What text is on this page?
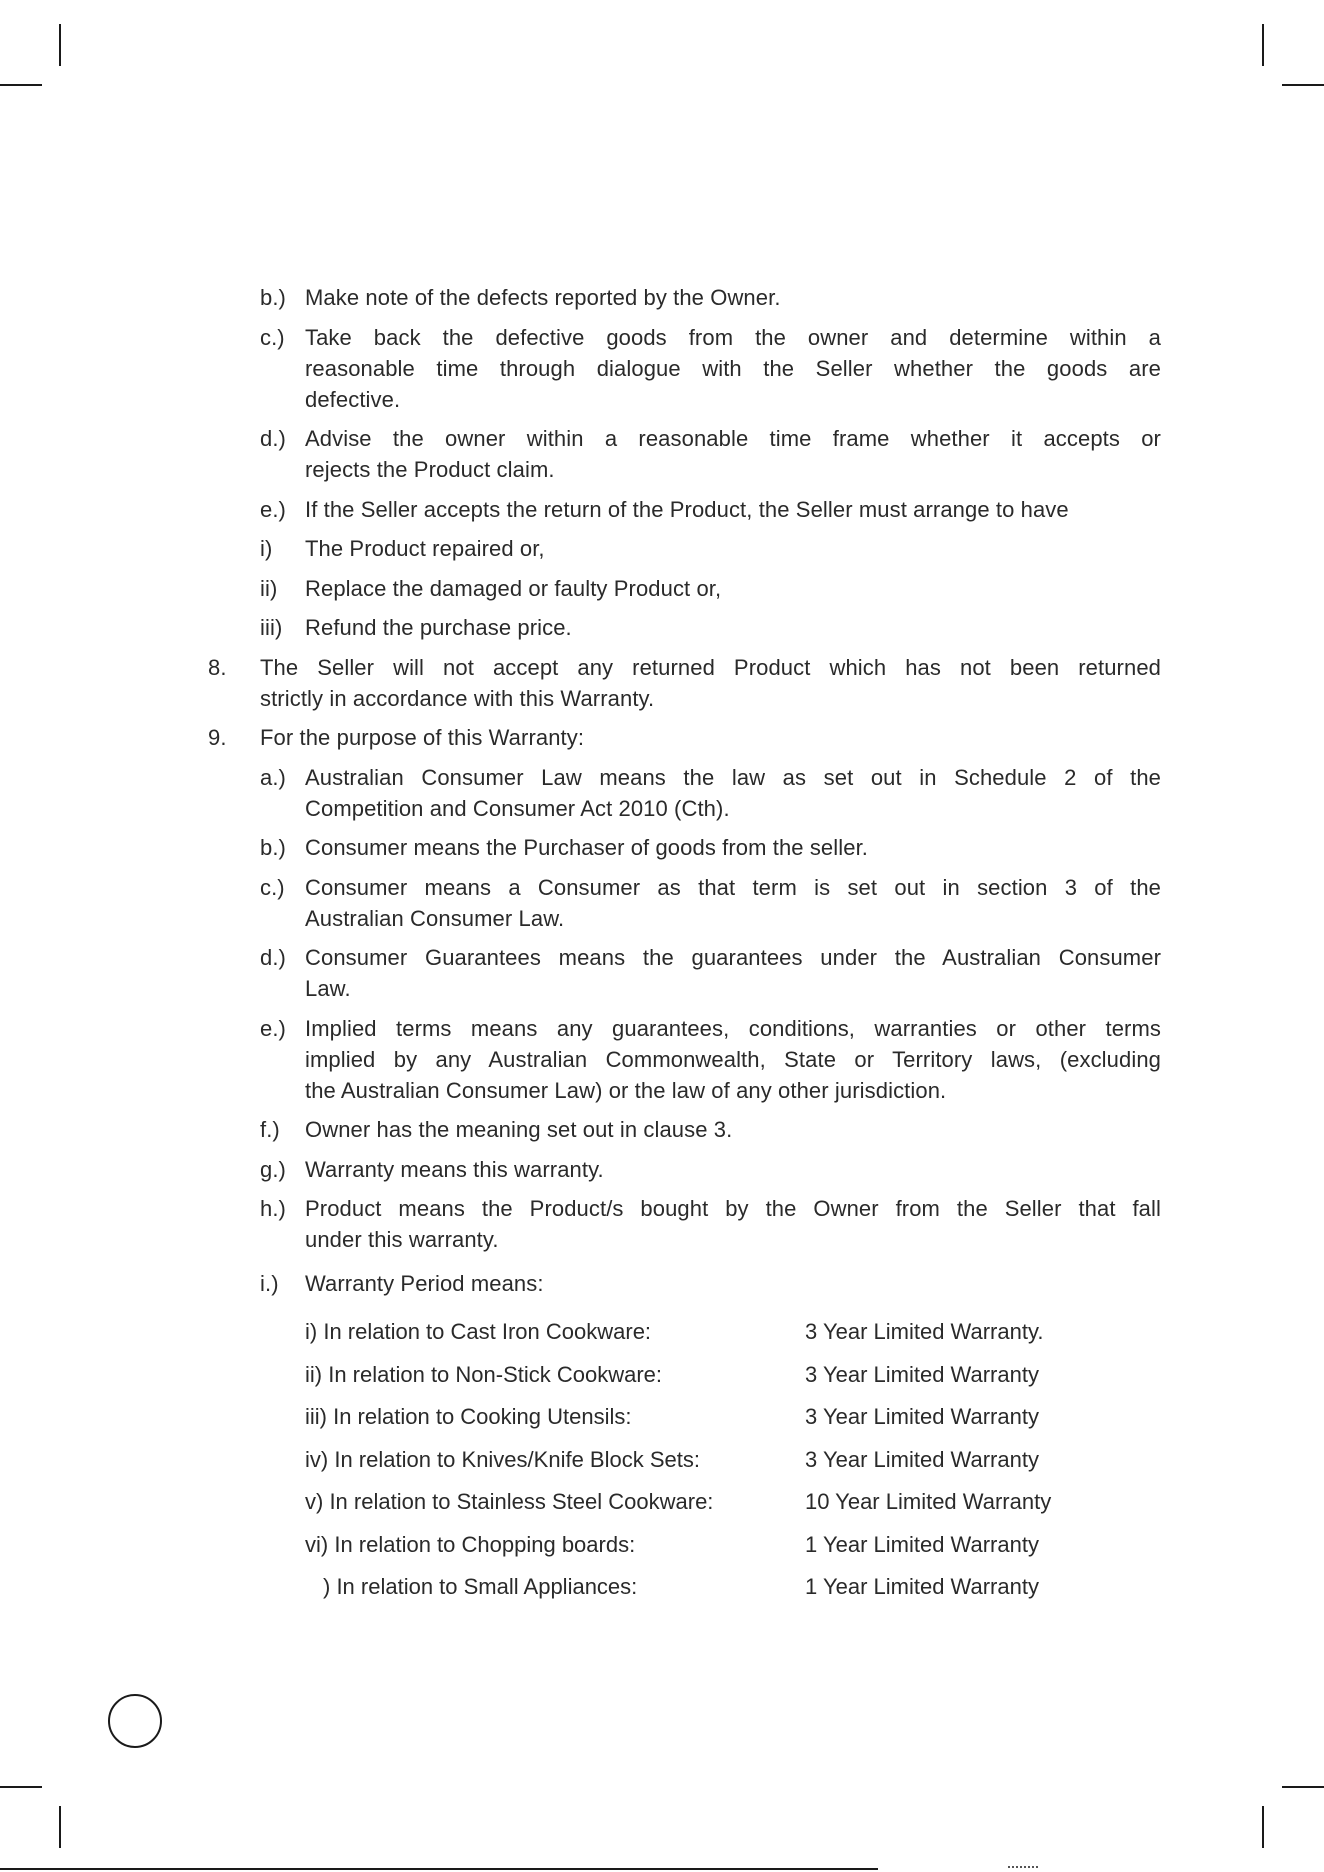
b.) Make note of the defects reported by the Owner.
c.) Take back the defective goods from the owner and determine within a
reasonable time through dialogue with the Seller whether the goods are
defective.
d.) Advise the owner within a reasonable time frame whether it accepts or
rejects the Product claim.
e.) If the Seller accepts the return of the Product, the Seller must arrange to have
i) The Product repaired or,
ii) Replace the damaged or faulty Product or,
iii) Refund the purchase price.
8. The Seller will not accept any returned Product which has not been returned
strictly in accordance with this Warranty.
9. For the purpose of this Warranty:
a.) Australian Consumer Law means the law as set out in Schedule 2 of the
Competition and Consumer Act 2010 (Cth).
b.) Consumer means the Purchaser of goods from the seller.
c.) Consumer means a Consumer as that term is set out in section 3 of the
Australian Consumer Law.
d.) Consumer Guarantees means the guarantees under the Australian Consumer
Law.
e.) Implied terms means any guarantees, conditions, warranties or other terms
implied by any Australian Commonwealth, State or Territory laws, (excluding
the Australian Consumer Law) or the law of any other jurisdiction.
f.) Owner has the meaning set out in clause 3.
g.) Warranty means this warranty.
h.) Product means the Product/s bought by the Owner from the Seller that fall
under this warranty.
i.) Warranty Period means:
i) In relation to Cast Iron Cookware:	3 Year Limited Warranty.
ii) In relation to Non-Stick Cookware:	3 Year Limited Warranty
iii) In relation to Cooking Utensils:	3 Year Limited Warranty
iv) In relation to Knives/Knife Block Sets:	3 Year Limited Warranty
v) In relation to Stainless Steel Cookware:	10 Year Limited Warranty
vi) In relation to Chopping boards:	1 Year Limited Warranty
) In relation to Small Appliances:	1 Year Limited Warranty
